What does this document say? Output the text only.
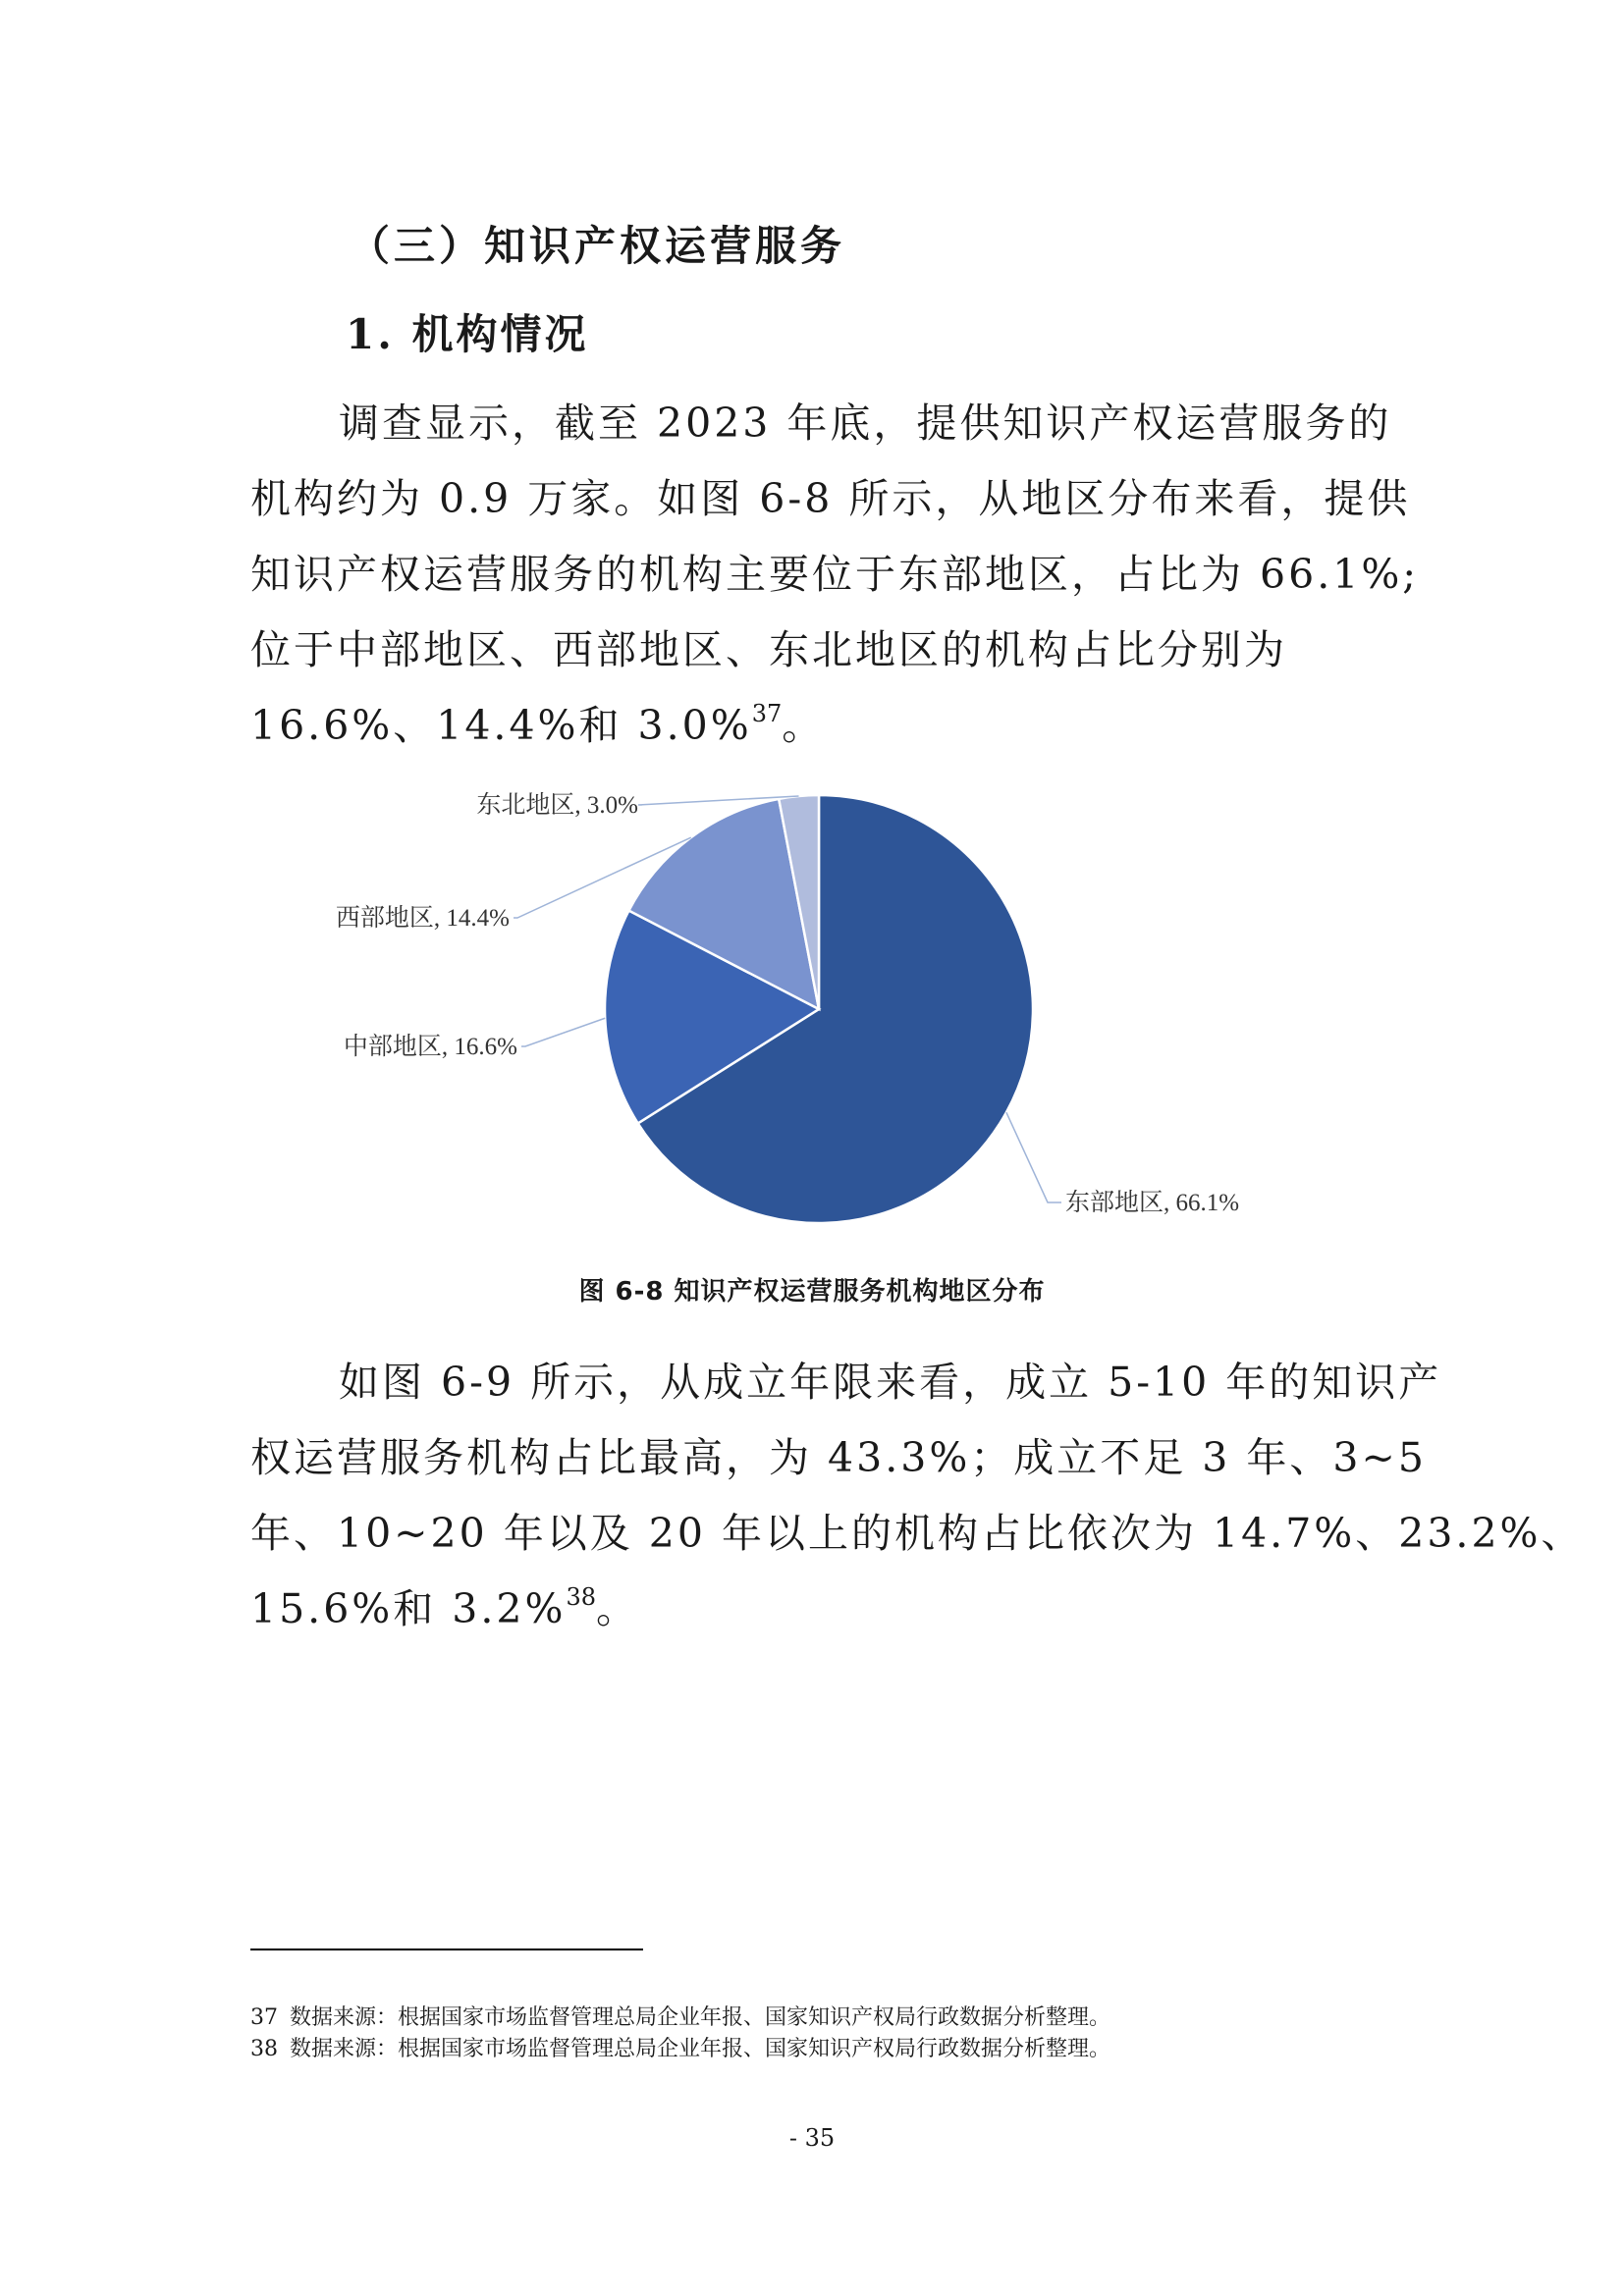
（三）知识产权运营服务
1. 机构情况
调查显示，截至 2023 年底，提供知识产权运营服务的
机构约为 0.9 万家。如图 6-8 所示，从地区分布来看，提供
知识产权运营服务的机构主要位于东部地区，占比为 66.1%;
位于中部地区、西部地区、东北地区的机构占比分别为
16.6%、14.4%和 3.0%$^{37}$。
东部地区, 66.1%
中部地区, 16.6%
西部地区, 14.4%
东北地区, 3.0%
图 6-8 知识产权运营服务机构地区分布
如图 6-9 所示，从成立年限来看，成立 5-10 年的知识产
权运营服务机构占比最高，为 43.3%；成立不足 3 年、3~5
年、10~20 年以及 20 年以上的机构占比依次为 14.7%、23.2%、
15.6%和 3.2%$^{38}$。
37 数据来源：根据国家市场监督管理总局企业年报、国家知识产权局行政数据分析整理。
38 数据来源：根据国家市场监督管理总局企业年报、国家知识产权局行政数据分析整理。
- 35
